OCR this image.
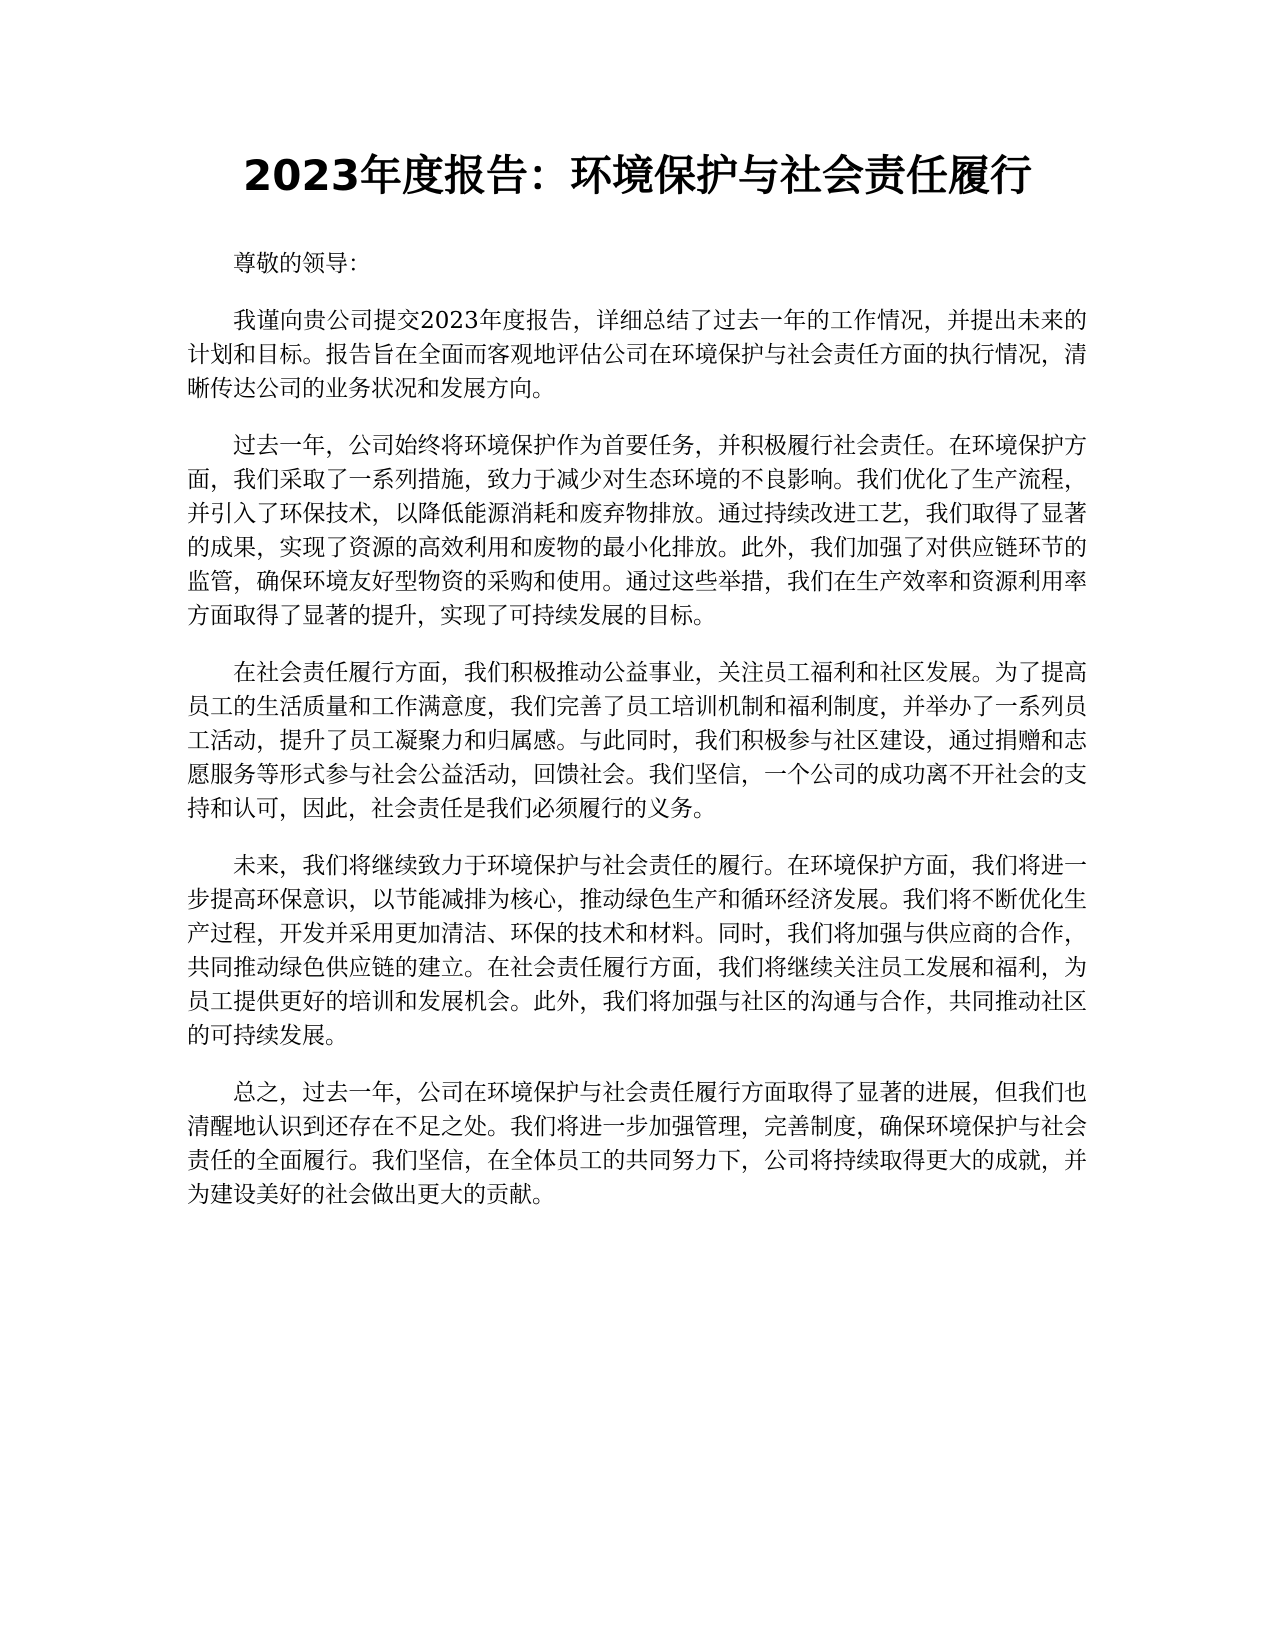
2023年度报告：环境保护与社会责任履行

尊敬的领导：

我谨向贵公司提交2023年度报告，详细总结了过去一年的工作情况，并提出未来的计划和目标。报告旨在全面而客观地评估公司在环境保护与社会责任方面的执行情况，清晰传达公司的业务状况和发展方向。

过去一年，公司始终将环境保护作为首要任务，并积极履行社会责任。在环境保护方面，我们采取了一系列措施，致力于减少对生态环境的不良影响。我们优化了生产流程，并引入了环保技术，以降低能源消耗和废弃物排放。通过持续改进工艺，我们取得了显著的成果，实现了资源的高效利用和废物的最小化排放。此外，我们加强了对供应链环节的监管，确保环境友好型物资的采购和使用。通过这些举措，我们在生产效率和资源利用率方面取得了显著的提升，实现了可持续发展的目标。

在社会责任履行方面，我们积极推动公益事业，关注员工福利和社区发展。为了提高员工的生活质量和工作满意度，我们完善了员工培训机制和福利制度，并举办了一系列员工活动，提升了员工凝聚力和归属感。与此同时，我们积极参与社区建设，通过捐赠和志愿服务等形式参与社会公益活动，回馈社会。我们坚信，一个公司的成功离不开社会的支持和认可，因此，社会责任是我们必须履行的义务。

未来，我们将继续致力于环境保护与社会责任的履行。在环境保护方面，我们将进一步提高环保意识，以节能减排为核心，推动绿色生产和循环经济发展。我们将不断优化生产过程，开发并采用更加清洁、环保的技术和材料。同时，我们将加强与供应商的合作，共同推动绿色供应链的建立。在社会责任履行方面，我们将继续关注员工发展和福利，为员工提供更好的培训和发展机会。此外，我们将加强与社区的沟通与合作，共同推动社区的可持续发展。

总之，过去一年，公司在环境保护与社会责任履行方面取得了显著的进展，但我们也清醒地认识到还存在不足之处。我们将进一步加强管理，完善制度，确保环境保护与社会责任的全面履行。我们坚信，在全体员工的共同努力下，公司将持续取得更大的成就，并为建设美好的社会做出更大的贡献。
